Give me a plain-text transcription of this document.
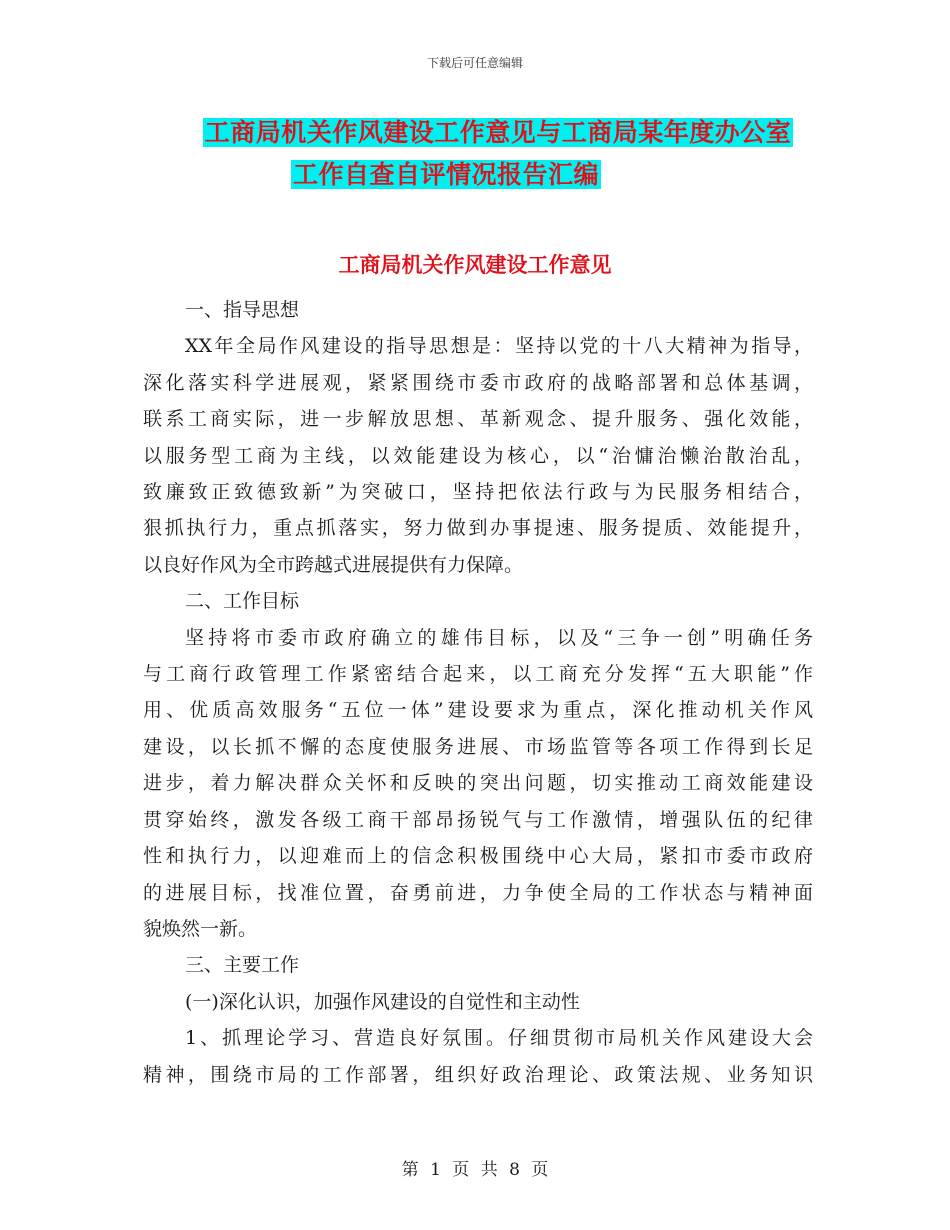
下载后可任意编辑
工商局机关作风建设工作意见与工商局某年度办公室
工作自查自评情况报告汇编
工商局机关作风建设工作意见
一、指导思想
XX年全局作风建设的指导思想是：坚持以党的十八大精神为指导，
深化落实科学进展观，紧紧围绕市委市政府的战略部署和总体基调，
联系工商实际，进一步解放思想、革新观念、提升服务、强化效能，
以服务型工商为主线，以效能建设为核心，以“治慵治懒治散治乱，
致廉致正致德致新”为突破口，坚持把依法行政与为民服务相结合，
狠抓执行力，重点抓落实，努力做到办事提速、服务提质、效能提升，
以良好作风为全市跨越式进展提供有力保障。
二、工作目标
坚持将市委市政府确立的雄伟目标，以及“三争一创”明确任务
与工商行政管理工作紧密结合起来，以工商充分发挥“五大职能”作
用、优质高效服务“五位一体”建设要求为重点，深化推动机关作风
建设，以长抓不懈的态度使服务进展、市场监管等各项工作得到长足
进步，着力解决群众关怀和反映的突出问题，切实推动工商效能建设
贯穿始终，激发各级工商干部昂扬锐气与工作激情，增强队伍的纪律
性和执行力，以迎难而上的信念积极围绕中心大局，紧扣市委市政府
的进展目标，找准位置，奋勇前进，力争使全局的工作状态与精神面
貌焕然一新。
三、主要工作
(一)深化认识，加强作风建设的自觉性和主动性
1、抓理论学习、营造良好氛围。仔细贯彻市局机关作风建设大会
精神，围绕市局的工作部署，组织好政治理论、政策法规、业务知识
第 1 页 共 8 页
